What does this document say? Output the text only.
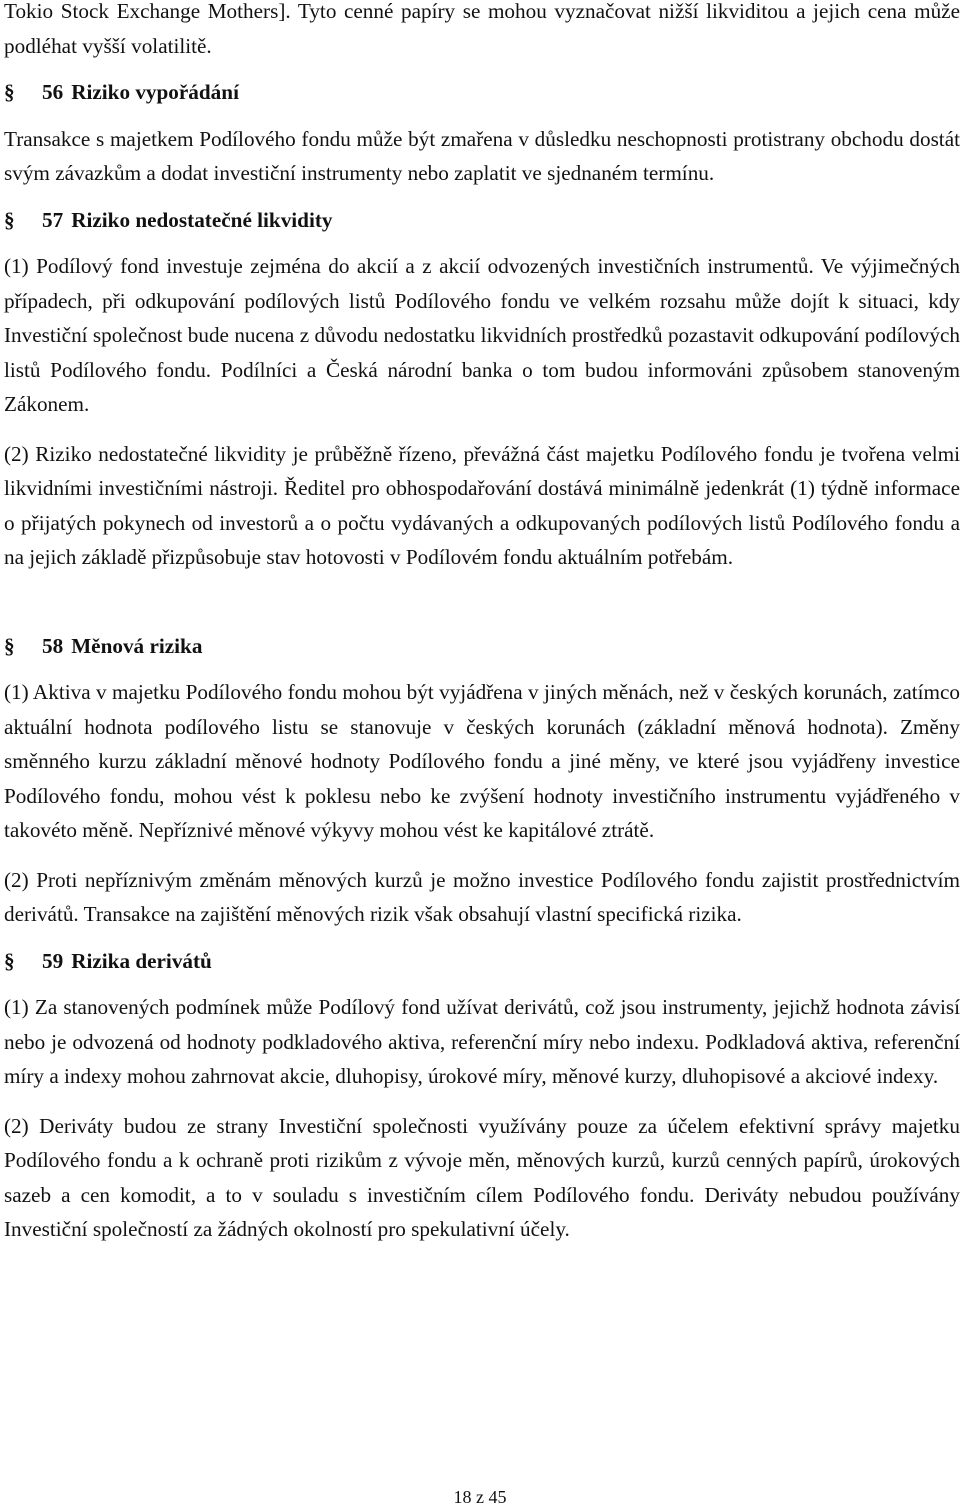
Tokio Stock Exchange Mothers]. Tyto cenné papíry se mohou vyznačovat nižší likviditou a jejich cena může podléhat vyšší volatilitě.

§	56 Riziko vypořádání

Transakce s majetkem Podílového fondu může být zmařena v důsledku neschopnosti protistrany obchodu dostát svým závazkům a dodat investiční instrumenty nebo zaplatit ve sjednaném termínu.

§	57 Riziko nedostatečné likvidity

(1) Podílový fond investuje zejména do akcií a z akcií odvozených investičních instrumentů. Ve výjimečných případech, při odkupování podílových listů Podílového fondu ve velkém rozsahu může dojít k situaci, kdy Investiční společnost bude nucena z důvodu nedostatku likvidních prostředků pozastavit odkupování podílových listů Podílového fondu. Podílníci a Česká národní banka o tom budou informováni způsobem stanoveným Zákonem.

(2) Riziko nedostatečné likvidity je průběžně řízeno, převážná část majetku Podílového fondu je tvořena velmi likvidními investičními nástroji. Ředitel pro obhospodařování dostává minimálně jedenkrát (1) týdně informace o přijatých pokynech od investorů a o počtu vydávaných a odkupovaných podílových listů Podílového fondu a na jejich základě přizpůsobuje stav hotovosti v Podílovém fondu aktuálním potřebám.

§	58 Měnová rizika

(1) Aktiva v majetku Podílového fondu mohou být vyjádřena v jiných měnách, než v českých korunách, zatímco aktuální hodnota podílového listu se stanovuje v českých korunách (základní měnová hodnota). Změny směnného kurzu základní měnové hodnoty Podílového fondu a jiné měny, ve které jsou vyjádřeny investice Podílového fondu, mohou vést k poklesu nebo ke zvýšení hodnoty investičního instrumentu vyjádřeného v takovéto měně. Nepříznivé měnové výkyvy mohou vést ke kapitálové ztrátě.

(2) Proti nepříznivým změnám měnových kurzů je možno investice Podílového fondu zajistit prostřednictvím derivátů. Transakce na zajištění měnových rizik však obsahují vlastní specifická rizika.

§	59 Rizika derivátů

(1) Za stanovených podmínek může Podílový fond užívat derivátů, což jsou instrumenty, jejichž hodnota závisí nebo je odvozená od hodnoty podkladového aktiva, referenční míry nebo indexu. Podkladová aktiva, referenční míry a indexy mohou zahrnovat akcie, dluhopisy, úrokové míry, měnové kurzy, dluhopisové a akciové indexy.

(2) Deriváty budou ze strany Investiční společnosti využívány pouze za účelem efektivní správy majetku Podílového fondu a k ochraně proti rizikům z vývoje měn, měnových kurzů, kurzů cenných papírů, úrokových sazeb a cen komodit, a to v souladu s investičním cílem Podílového fondu. Deriváty nebudou používány Investiční společností za žádných okolností pro spekulativní účely.

18 z 45
